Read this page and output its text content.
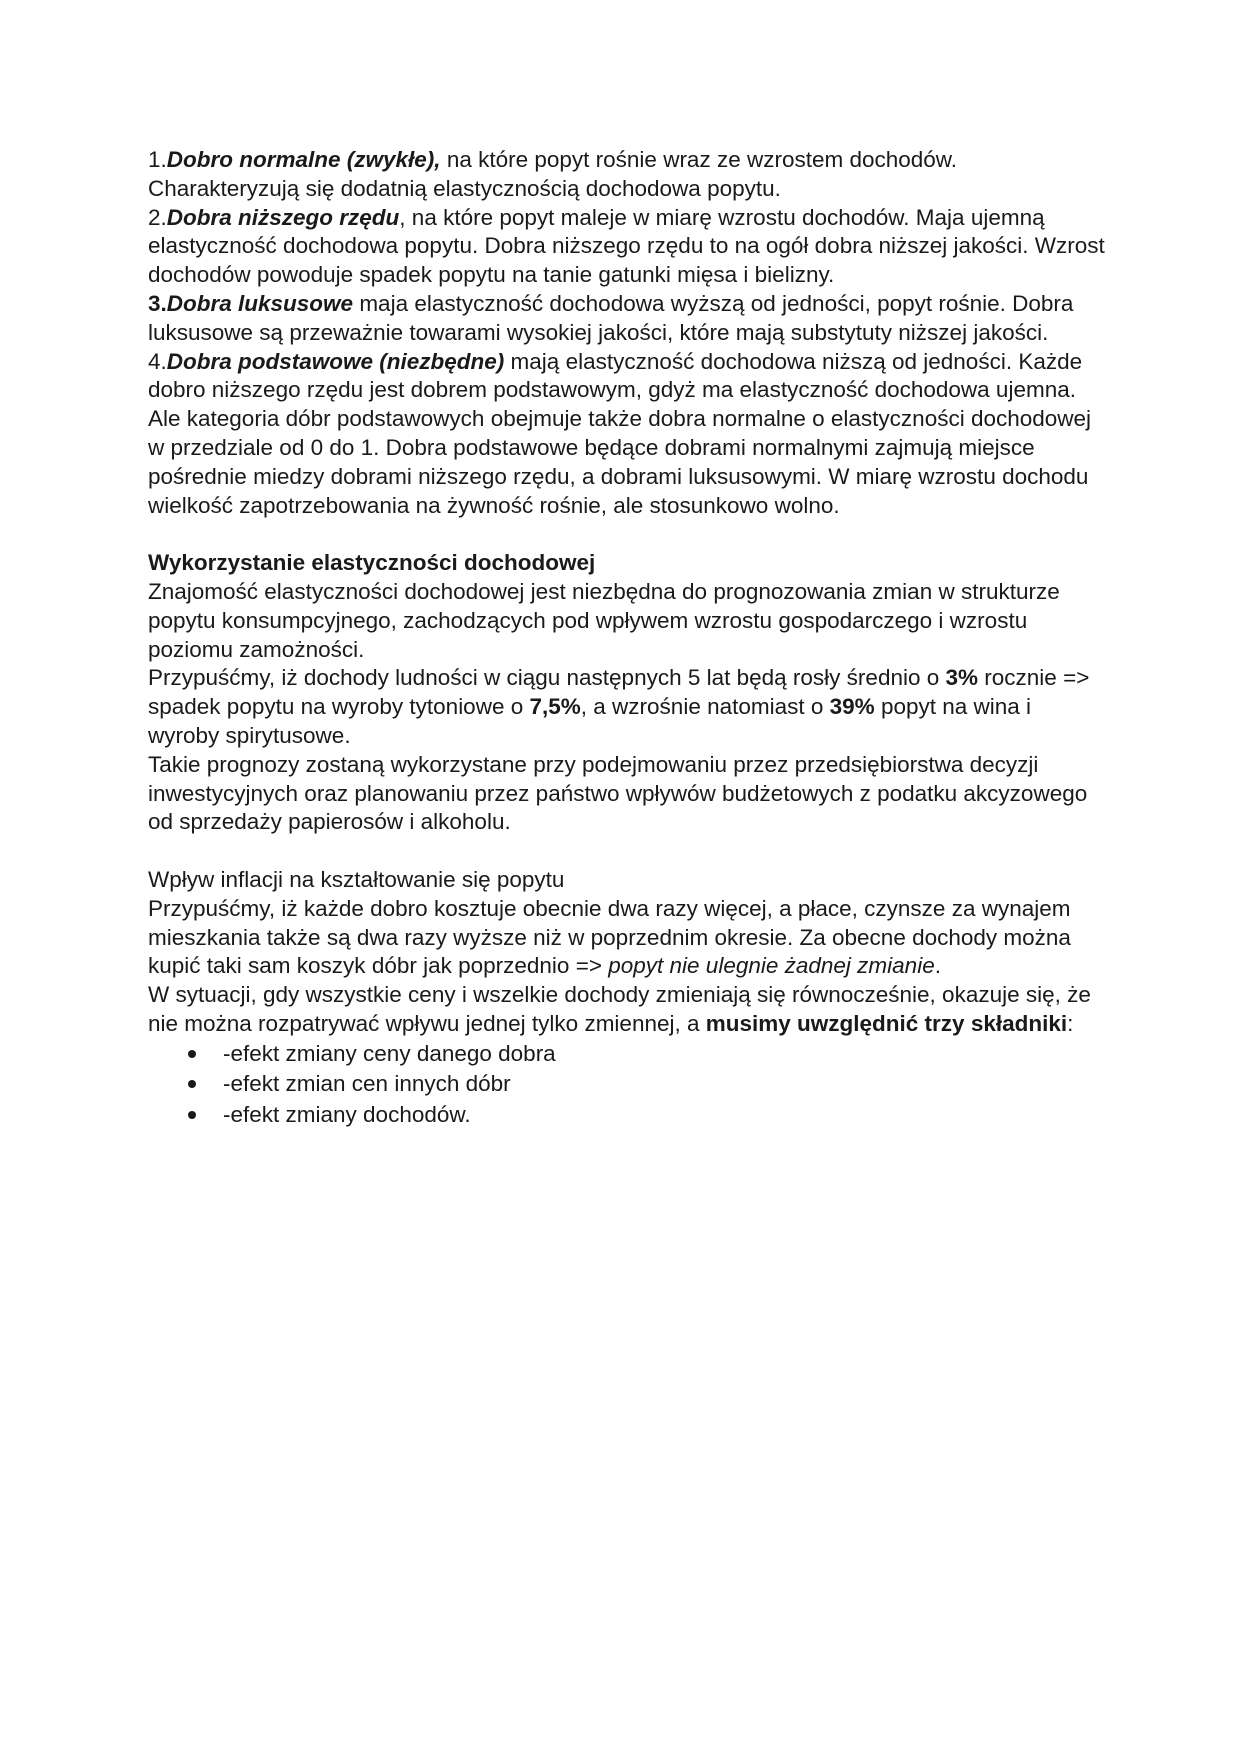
1.Dobro normalne (zwykłe), na które popyt rośnie wraz ze wzrostem dochodów.
Charakteryzują się dodatnią elastycznością dochodowa popytu.

2.Dobra niższego rzędu, na które popyt maleje w miarę wzrostu dochodów. Maja ujemną elastyczność dochodowa popytu. Dobra niższego rzędu to na ogół dobra niższej jakości. Wzrost dochodów powoduje spadek popytu na tanie gatunki mięsa i bielizny.

3.Dobra luksusowe maja elastyczność dochodowa wyższą od jedności, popyt rośnie. Dobra luksusowe są przeważnie towarami wysokiej jakości, które mają substytuty niższej jakości.

4.Dobra podstawowe (niezbędne) mają elastyczność dochodowa niższą od jedności. Każde dobro niższego rzędu jest dobrem podstawowym, gdyż ma elastyczność dochodowa ujemna. Ale kategoria dóbr podstawowych obejmuje także dobra normalne o elastyczności dochodowej w przedziale od 0 do 1. Dobra podstawowe będące dobrami normalnymi zajmują miejsce pośrednie miedzy dobrami niższego rzędu, a dobrami luksusowymi. W miarę wzrostu dochodu wielkość zapotrzebowania na żywność rośnie, ale stosunkowo wolno.

Wykorzystanie elastyczności dochodowej

Znajomość elastyczności dochodowej jest niezbędna do prognozowania zmian w strukturze popytu konsumpcyjnego, zachodzących pod wpływem wzrostu gospodarczego i wzrostu poziomu zamożności.

Przypuśćmy, iż dochody ludności w ciągu następnych 5 lat będą rosły średnio o 3% rocznie => spadek popytu na wyroby tytoniowe o 7,5%, a wzrośnie natomiast o 39% popyt na wina i wyroby spirytusowe.

Takie prognozy zostaną wykorzystane przy podejmowaniu przez przedsiębiorstwa decyzji inwestycyjnych oraz planowaniu przez państwo wpływów budżetowych z podatku akcyzowego od sprzedaży papierosów i alkoholu.

Wpływ inflacji na kształtowanie się popytu

Przypuśćmy, iż każde dobro kosztuje obecnie dwa razy więcej, a płace, czynsze za wynajem mieszkania także są dwa razy wyższe niż w poprzednim okresie. Za obecne dochody można kupić taki sam koszyk dóbr jak poprzednio => popyt nie ulegnie żadnej zmianie.

W sytuacji, gdy wszystkie ceny i wszelkie dochody zmieniają się równocześnie, okazuje się, że nie można rozpatrywać wpływu jednej tylko zmiennej, a musimy uwzględnić trzy składniki:

-efekt zmiany ceny danego dobra
-efekt zmian cen innych dóbr
-efekt zmiany dochodów.
